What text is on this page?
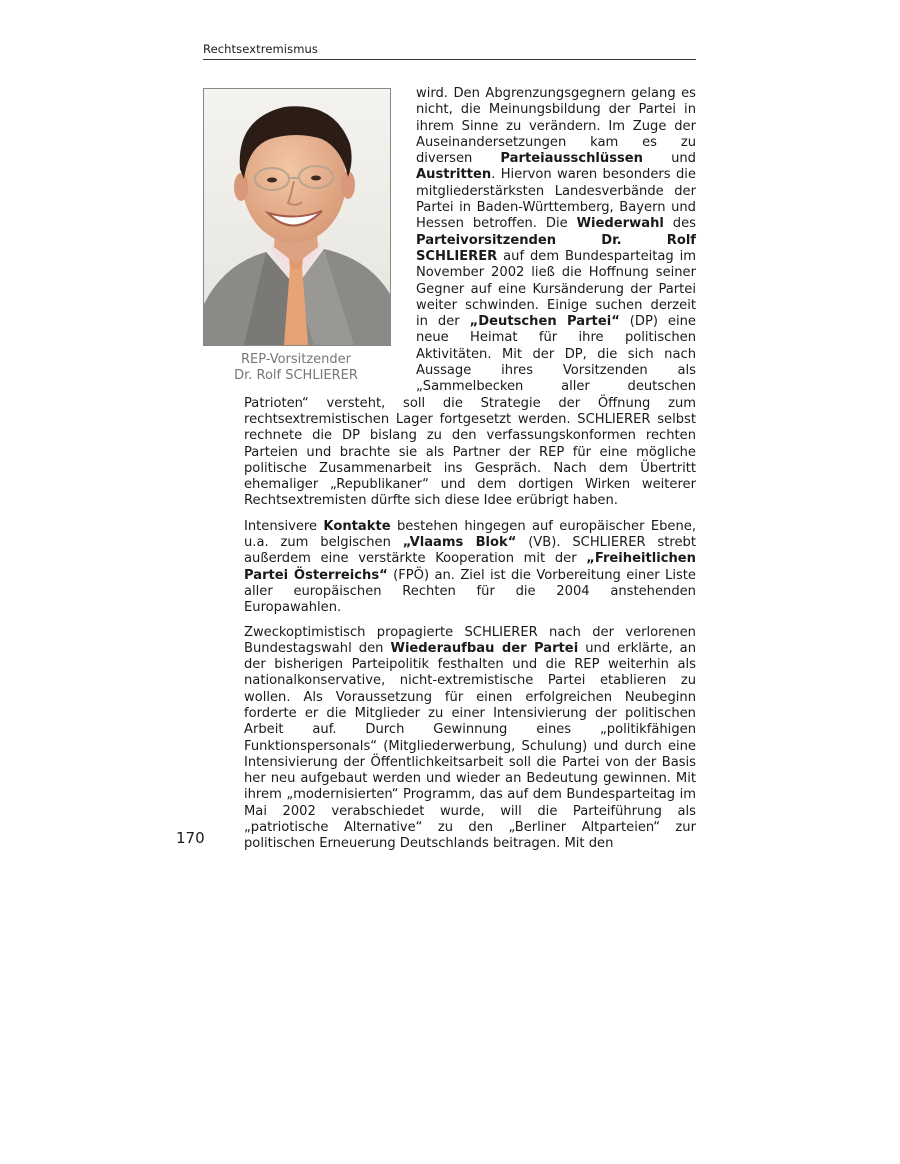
Rechtsextremismus
REP-Vorsitzender
Dr. Rolf SCHLIERER

wird. Den Abgrenzungsgegnern gelang es nicht, die Meinungsbildung der Partei in ihrem Sinne zu verändern. Im Zuge der Auseinandersetzungen kam es zu diversen Parteiausschlüssen und Austritten. Hiervon waren besonders die mitgliederstärksten Landesverbände der Partei in Baden-Württemberg, Bayern und Hessen betroffen. Die Wiederwahl des Parteivorsitzenden Dr. Rolf SCHLIERER auf dem Bundesparteitag im November 2002 ließ die Hoffnung seiner Gegner auf eine Kursänderung der Partei weiter schwinden. Einige suchen derzeit in der „Deutschen Partei“ (DP) eine neue Heimat für ihre politischen Aktivitäten. Mit der DP, die sich nach Aussage ihres Vorsitzenden als „Sammelbecken aller deutschen Patrioten“ versteht, soll die Strategie der Öffnung zum rechtsextremistischen Lager fortgesetzt werden. SCHLIERER selbst rechnete die DP bislang zu den verfassungskonformen rechten Parteien und brachte sie als Partner der REP für eine mögliche politische Zusammenarbeit ins Gespräch. Nach dem Übertritt ehemaliger „Republikaner“ und dem dortigen Wirken weiterer Rechtsextremisten dürfte sich diese Idee erübrigt haben.

Intensivere Kontakte bestehen hingegen auf europäischer Ebene, u.a. zum belgischen „Vlaams Blok“ (VB). SCHLIERER strebt außerdem eine verstärkte Kooperation mit der „Freiheitlichen Partei Österreichs“ (FPÖ) an. Ziel ist die Vorbereitung einer Liste aller europäischen Rechten für die 2004 anstehenden Europawahlen.

Zweckoptimistisch propagierte SCHLIERER nach der verlorenen Bundestagswahl den Wiederaufbau der Partei und erklärte, an der bisherigen Parteipolitik festhalten und die REP weiterhin als nationalkonservative, nicht-extremistische Partei etablieren zu wollen. Als Voraussetzung für einen erfolgreichen Neubeginn forderte er die Mitglieder zu einer Intensivierung der politischen Arbeit auf. Durch Gewinnung eines „politikfähigen Funktionspersonals“ (Mitgliederwerbung, Schulung) und durch eine Intensivierung der Öffentlichkeitsarbeit soll die Partei von der Basis her neu aufgebaut werden und wieder an Bedeutung gewinnen. Mit ihrem „modernisierten“ Programm, das auf dem Bundesparteitag im Mai 2002 verabschiedet wurde, will die Parteiführung als „patriotische Alternative“ zu den „Berliner Altparteien“ zur politischen Erneuerung Deutschlands beitragen. Mit den

170
